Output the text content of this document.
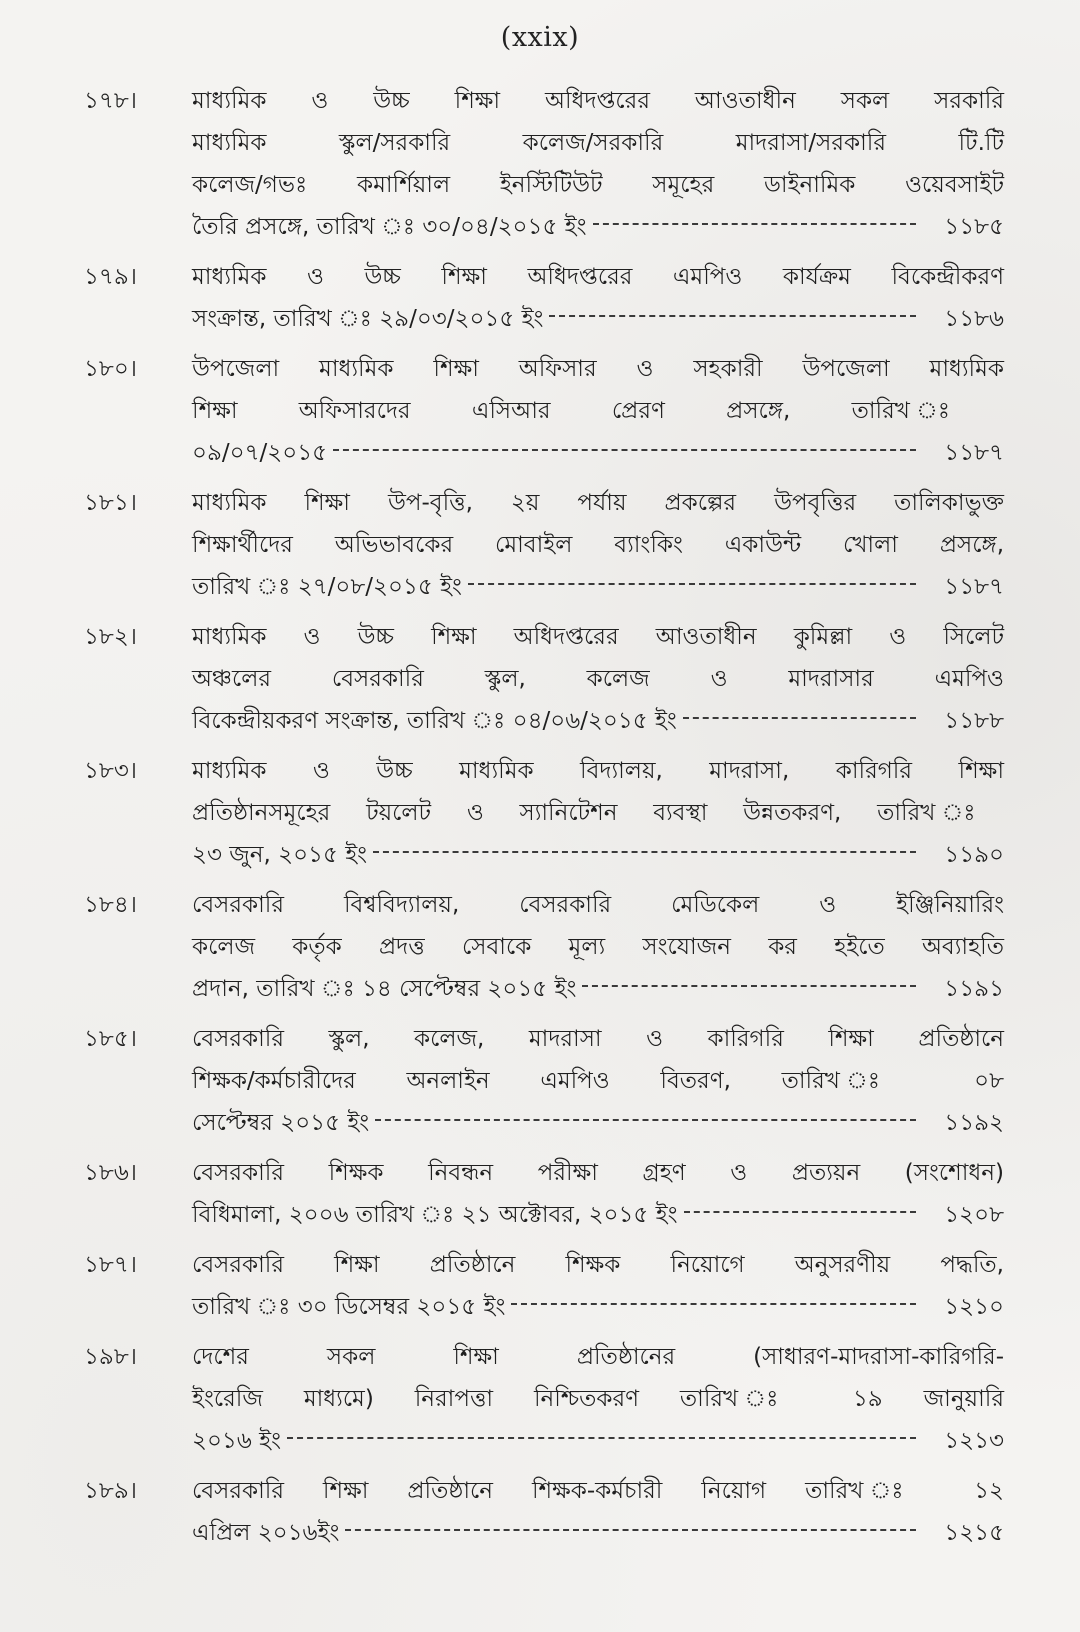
(xxix)
১৭৮।	মাধ্যমিক ও উচ্চ শিক্ষা অধিদপ্তরের আওতাধীন সকল সরকারি
মাধ্যমিক স্কুল/সরকারি কলেজ/সরকারি মাদরাসা/সরকারি টি.টি
কলেজ/গভঃ কমার্শিয়াল ইনস্টিটিউট সমূহের ডাইনামিক ওয়েবসাইট
তৈরি প্রসঙ্গে, তারিখ ঃ ৩০/০৪/২০১৫ ইং	১১৮৫
১৭৯।	মাধ্যমিক ও উচ্চ শিক্ষা অধিদপ্তরের এমপিও কার্যক্রম বিকেন্দ্রীকরণ
সংক্রান্ত, তারিখ ঃ ২৯/০৩/২০১৫ ইং	১১৮৬
১৮০।	উপজেলা মাধ্যমিক শিক্ষা অফিসার ও সহকারী উপজেলা মাধ্যমিক
শিক্ষা অফিসারদের এসিআর প্রেরণ প্রসঙ্গে, তারিখ ঃ
০৯/০৭/২০১৫	১১৮৭
১৮১।	মাধ্যমিক শিক্ষা উপ-বৃত্তি, ২য় পর্যায় প্রকল্পের উপবৃত্তির তালিকাভুক্ত
শিক্ষার্থীদের অভিভাবকের মোবাইল ব্যাংকিং একাউন্ট খোলা প্রসঙ্গে,
তারিখ ঃ ২৭/০৮/২০১৫ ইং	১১৮৭
১৮২।	মাধ্যমিক ও উচ্চ শিক্ষা অধিদপ্তরের আওতাধীন কুমিল্লা ও সিলেট
অঞ্চলের বেসরকারি স্কুল, কলেজ ও মাদরাসার এমপিও
বিকেন্দ্রীয়করণ সংক্রান্ত, তারিখ ঃ ০৪/০৬/২০১৫ ইং	১১৮৮
১৮৩।	মাধ্যমিক ও উচ্চ মাধ্যমিক বিদ্যালয়, মাদরাসা, কারিগরি শিক্ষা
প্রতিষ্ঠানসমূহের টয়লেট ও স্যানিটেশন ব্যবস্থা উন্নতকরণ, তারিখ ঃ
২৩ জুন, ২০১৫ ইং	১১৯০
১৮৪।	বেসরকারি বিশ্ববিদ্যালয়, বেসরকারি মেডিকেল ও ইঞ্জিনিয়ারিং
কলেজ কর্তৃক প্রদত্ত সেবাকে মূল্য সংযোজন কর হইতে অব্যাহতি
প্রদান, তারিখ ঃ ১৪ সেপ্টেম্বর ২০১৫ ইং	১১৯১
১৮৫।	বেসরকারি স্কুল, কলেজ, মাদরাসা ও কারিগরি শিক্ষা প্রতিষ্ঠানে
শিক্ষক/কর্মচারীদের অনলাইন এমপিও বিতরণ, তারিখ ঃ ০৮
সেপ্টেম্বর ২০১৫ ইং	১১৯২
১৮৬।	বেসরকারি শিক্ষক নিবন্ধন পরীক্ষা গ্রহণ ও প্রত্যয়ন (সংশোধন)
বিধিমালা, ২০০৬ তারিখ ঃ ২১ অক্টোবর, ২০১৫ ইং	১২০৮
১৮৭।	বেসরকারি শিক্ষা প্রতিষ্ঠানে শিক্ষক নিয়োগে অনুসরণীয় পদ্ধতি,
তারিখ ঃ ৩০ ডিসেম্বর ২০১৫ ইং	১২১০
১৯৮।	দেশের সকল শিক্ষা প্রতিষ্ঠানের (সাধারণ-মাদরাসা-কারিগরি-
ইংরেজি মাধ্যমে) নিরাপত্তা নিশ্চিতকরণ তারিখ ঃ ১৯ জানুয়ারি
২০১৬ ইং	১২১৩
১৮৯।	বেসরকারি শিক্ষা প্রতিষ্ঠানে শিক্ষক-কর্মচারী নিয়োগ তারিখ ঃ ১২
এপ্রিল ২০১৬ইং	১২১৫
